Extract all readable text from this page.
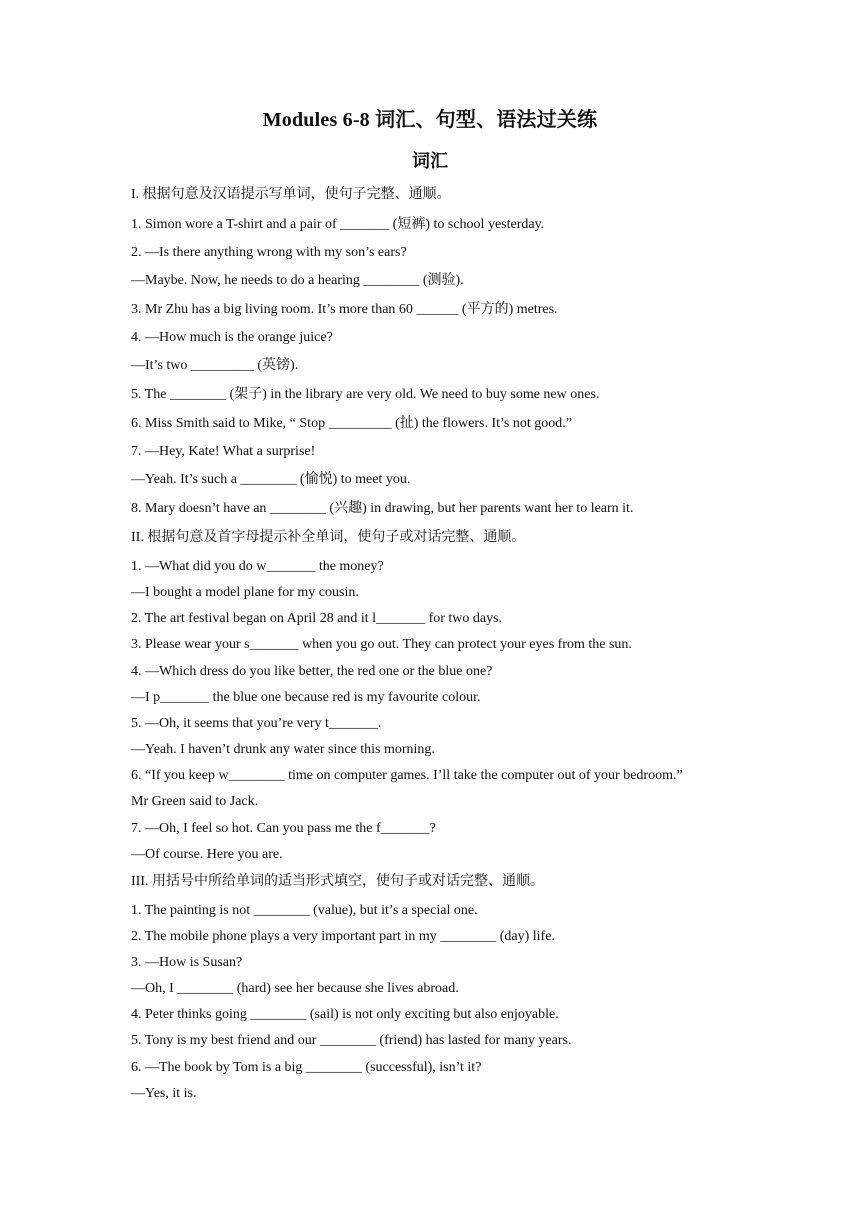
Modules 6-8 词汇、句型、语法过关练
词汇
I. 根据句意及汉语提示写单词，使句子完整、通顺。
1. Simon wore a T-shirt and a pair of _______ (短裤) to school yesterday.
2. —Is there anything wrong with my son’s ears?
—Maybe. Now, he needs to do a hearing ________ (测验).
3. Mr Zhu has a big living room. It’s more than 60 ______ (平方的) metres.
4. —How much is the orange juice?
—It’s two _________ (英镑).
5. The ________ (架子) in the library are very old. We need to buy some new ones.
6. Miss Smith said to Mike, “ Stop _________ (扯) the flowers. It’s not good.”
7. —Hey, Kate! What a surprise!
—Yeah. It’s such a ________ (愉悦) to meet you.
8. Mary doesn’t have an ________ (兴趣) in drawing, but her parents want her to learn it.
II. 根据句意及首字母提示补全单词，使句子或对话完整、通顺。
1. —What did you do w_______ the money?
—I bought a model plane for my cousin.
2. The art festival began on April 28 and it l_______ for two days.
3. Please wear your s_______ when you go out. They can protect your eyes from the sun.
4. —Which dress do you like better, the red one or the blue one?
—I p_______ the blue one because red is my favourite colour.
5. —Oh, it seems that you’re very t_______.
—Yeah. I haven’t drunk any water since this morning.
6. “If you keep w________ time on computer games. I’ll take the computer out of your bedroom.”
Mr Green said to Jack.
7. —Oh, I feel so hot. Can you pass me the f_______?
—Of course. Here you are.
III. 用括号中所给单词的适当形式填空，使句子或对话完整、通顺。
1. The painting is not ________ (value), but it’s a special one.
2. The mobile phone plays a very important part in my ________ (day) life.
3. —How is Susan?
—Oh, I ________ (hard) see her because she lives abroad.
4. Peter thinks going ________ (sail) is not only exciting but also enjoyable.
5. Tony is my best friend and our ________ (friend) has lasted for many years.
6. —The book by Tom is a big ________ (successful), isn’t it?
—Yes, it is.
